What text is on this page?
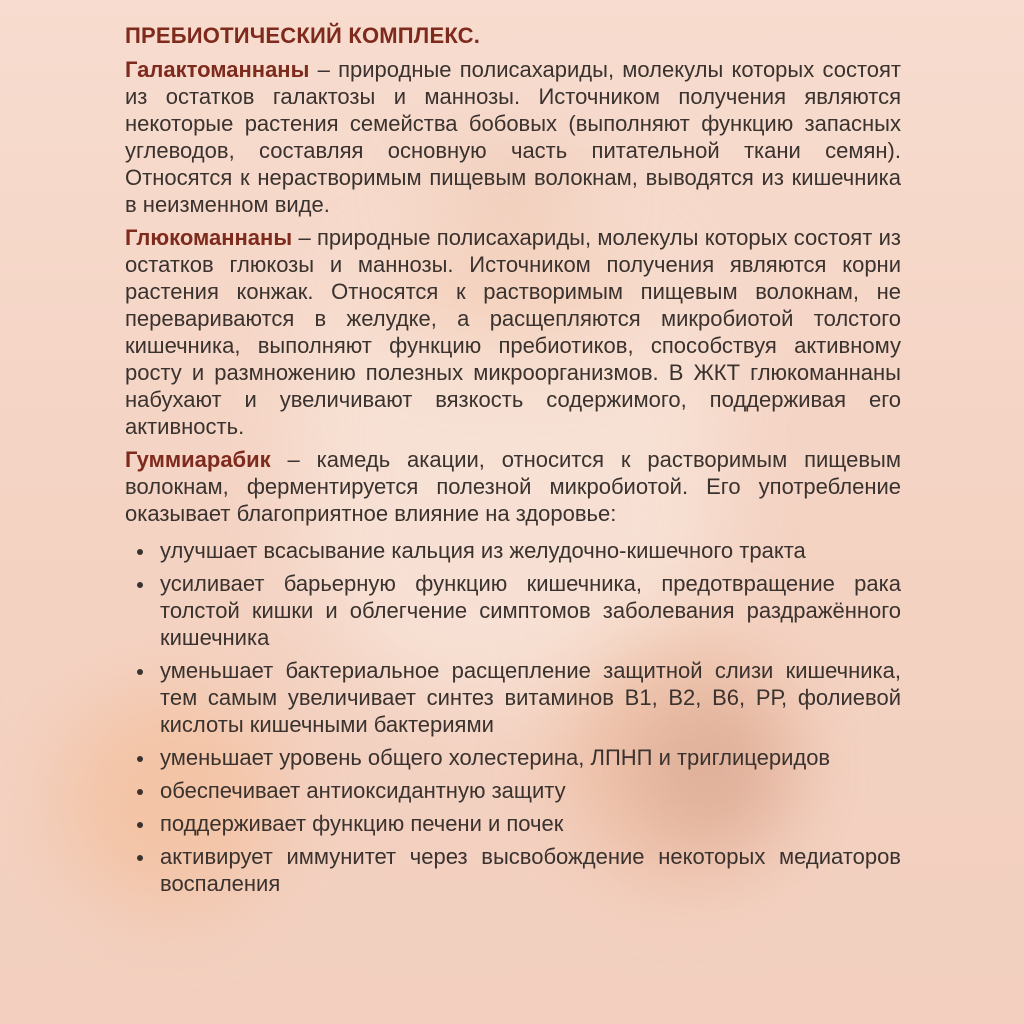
ПРЕБИОТИЧЕСКИЙ КОМПЛЕКС.

Галактоманнаны – природные полисахариды, молекулы которых состоят из остатков галактозы и маннозы. Источником получения являются некоторые растения семейства бобовых (выполняют функцию запасных углеводов, составляя основную часть питательной ткани семян). Относятся к нерастворимым пищевым волокнам, выводятся из кишечника в неизменном виде.

Глюкоманнаны – природные полисахариды, молекулы которых состоят из остатков глюкозы и маннозы. Источником получения являются корни растения конжак. Относятся к растворимым пищевым волокнам, не перевариваются в желудке, а расщепляются микробиотой толстого кишечника, выполняют функцию пребиотиков, способствуя активному росту и размножению полезных микроорганизмов. В ЖКТ глюкоманнаны набухают и увеличивают вязкость содержимого, поддерживая его активность.

Гуммиарабик – камедь акации, относится к растворимым пищевым волокнам, ферментируется полезной микробиотой. Его употребление оказывает благоприятное влияние на здоровье:

улучшает всасывание кальция из желудочно-кишечного тракта
усиливает барьерную функцию кишечника, предотвращение рака толстой кишки и облегчение симптомов заболевания раздражённого кишечника
уменьшает бактериальное расщепление защитной слизи кишечника, тем самым увеличивает синтез витаминов В1, В2, В6, РР, фолиевой кислоты кишечными бактериями
уменьшает уровень общего холестерина, ЛПНП и триглицеридов
обеспечивает антиоксидантную защиту
поддерживает функцию печени и почек
активирует иммунитет через высвобождение некоторых медиаторов воспаления
